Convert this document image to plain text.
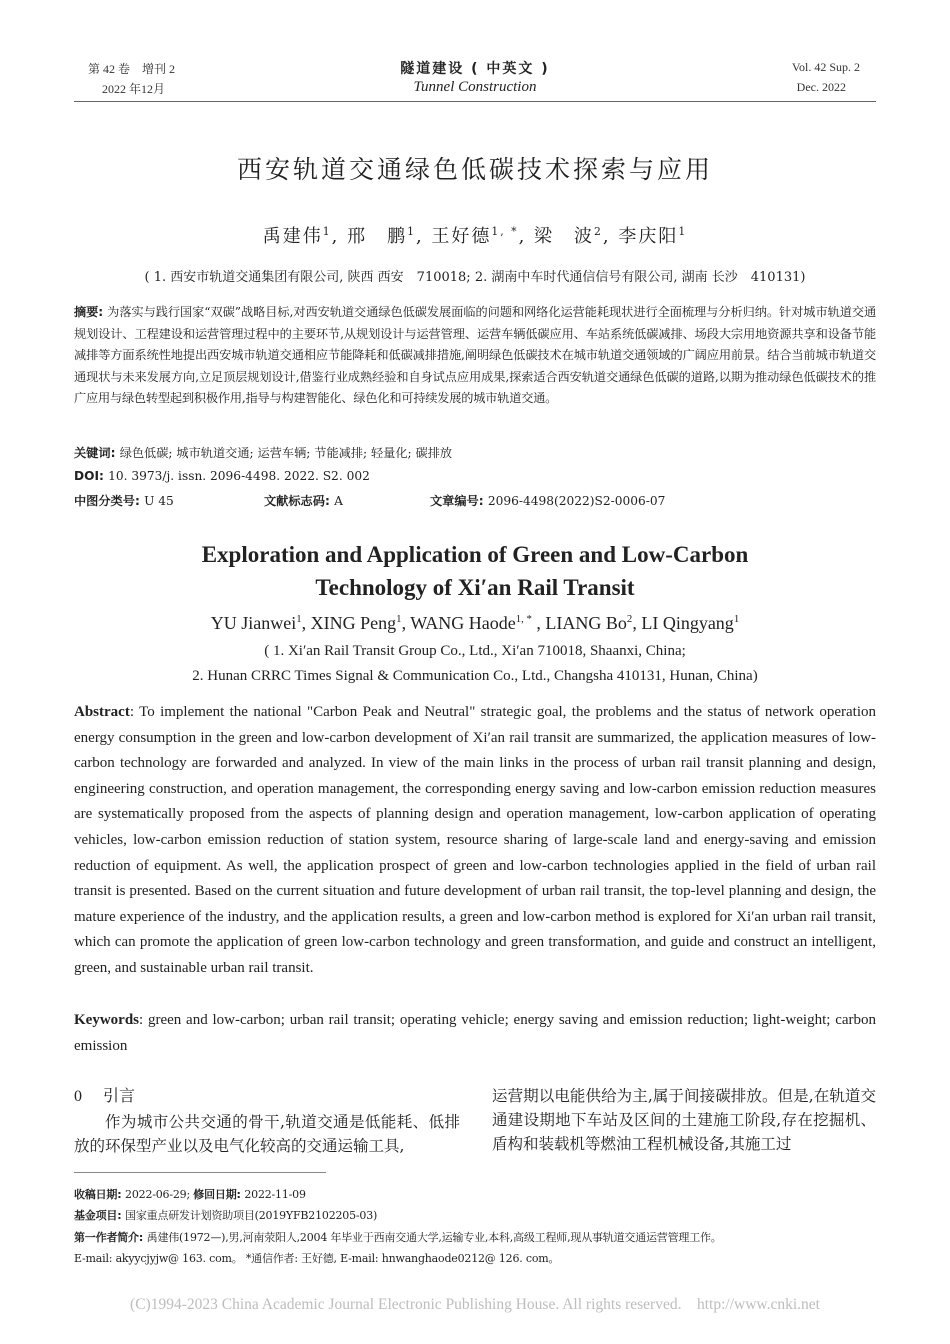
第 42 卷　增刊 2
2022 年12月
隧道建设 ( 中英文 )
Tunnel Construction
Vol. 42 Sup. 2
Dec. 2022
西安轨道交通绿色低碳技术探索与应用
禹建伟$^1$, 邢　鹏$^1$, 王好德$^{1, *}$, 梁　波$^2$, 李庆阳$^1$
( 1. 西安市轨道交通集团有限公司, 陕西 西安　710018; 2. 湖南中车时代通信信号有限公司, 湖南 长沙　410131)
摘要: 为落实与践行国家“双碳”战略目标,对西安轨道交通绿色低碳发展面临的问题和网络化运营能耗现状进行全面梳理与分析归纳。针对城市轨道交通规划设计、工程建设和运营管理过程中的主要环节,从规划设计与运营管理、运营车辆低碳应用、车站系统低碳减排、场段大宗用地资源共享和设备节能减排等方面系统性地提出西安城市轨道交通相应节能降耗和低碳减排措施,阐明绿色低碳技术在城市轨道交通领域的广阔应用前景。结合当前城市轨道交通现状与未来发展方向,立足顶层规划设计,借鉴行业成熟经验和自身试点应用成果,探索适合西安轨道交通绿色低碳的道路,以期为推动绿色低碳技术的推广应用与绿色转型起到积极作用,指导与构建智能化、绿色化和可持续发展的城市轨道交通。
关键词: 绿色低碳; 城市轨道交通; 运营车辆; 节能减排; 轻量化; 碳排放
DOI: 10. 3973/j. issn. 2096-4498. 2022. S2. 002
中图分类号: U 45	文献标志码: A	文章编号: 2096-4498(2022)S2-0006-07
Exploration and Application of Green and Low-Carbon
Technology of Xi′an Rail Transit
YU Jianwei$^1$, XING Peng$^1$, WANG Haode$^{1, *}$ , LIANG Bo$^2$, LI Qingyang$^1$
( 1. Xi′an Rail Transit Group Co., Ltd., Xi′an 710018, Shaanxi, China;
2. Hunan CRRC Times Signal & Communication Co., Ltd., Changsha 410131, Hunan, China)
Abstract: To implement the national "Carbon Peak and Neutral" strategic goal, the problems and the status of network operation energy consumption in the green and low-carbon development of Xi′an rail transit are summarized, the application measures of low-carbon technology are forwarded and analyzed. In view of the main links in the process of urban rail transit planning and design, engineering construction, and operation management, the corresponding energy saving and low-carbon emission reduction measures are systematically proposed from the aspects of planning design and operation management, low-carbon application of operating vehicles, low-carbon emission reduction of station system, resource sharing of large-scale land and energy-saving and emission reduction of equipment. As well, the application prospect of green and low-carbon technologies applied in the field of urban rail transit is presented. Based on the current situation and future development of urban rail transit, the top-level planning and design, the mature experience of the industry, and the application results, a green and low-carbon method is explored for Xi′an urban rail transit, which can promote the application of green low-carbon technology and green transformation, and guide and construct an intelligent, green, and sustainable urban rail transit.
Keywords: green and low-carbon; urban rail transit; operating vehicle; energy saving and emission reduction; light-weight; carbon emission
0 引言
作为城市公共交通的骨干,轨道交通是低能耗、低排放的环保型产业以及电气化较高的交通运输工具,
运营期以电能供给为主,属于间接碳排放。但是,在轨道交通建设期地下车站及区间的土建施工阶段,存在挖掘机、盾构和装载机等燃油工程机械设备,其施工过
收稿日期: 2022-06-29; 修回日期: 2022-11-09
基金项目: 国家重点研发计划资助项目(2019YFB2102205-03)
第一作者简介: 禹建伟(1972—),男,河南荥阳人,2004 年毕业于西南交通大学,运输专业,本科,高级工程师,现从事轨道交通运营管理工作。
E-mail: akyycjyjw@ 163. com。 *通信作者: 王好德, E-mail: hnwanghaode0212@ 126. com。
(C)1994-2023 China Academic Journal Electronic Publishing House. All rights reserved.    http://www.cnki.net
